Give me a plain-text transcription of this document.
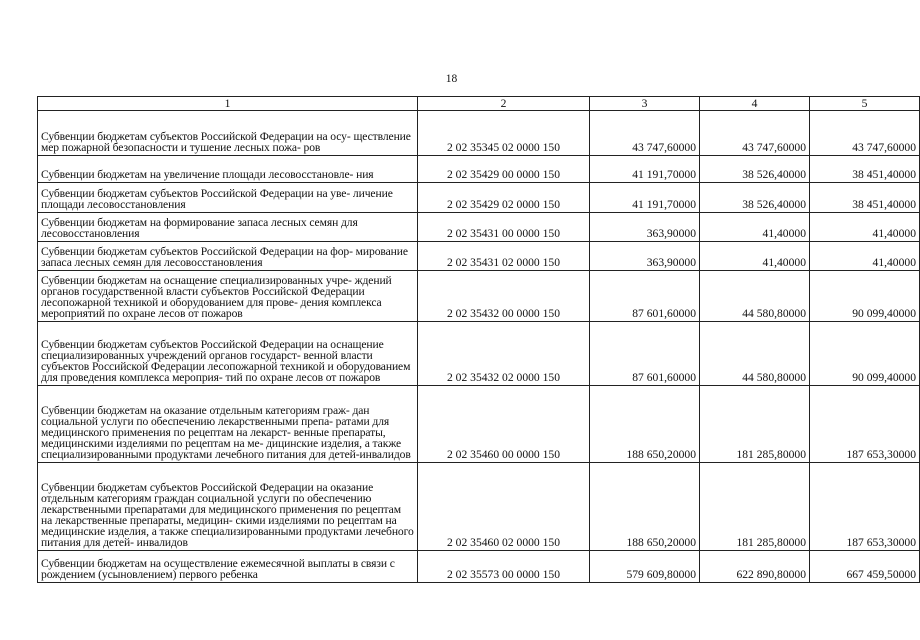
18
1	2	3	4	5
Субвенции бюджетам субъектов Российской Федерации на осу- ществление мер пожарной безопасности и тушение лесных пожа- ров	2 02 35345 02 0000 150	43 747,60000	43 747,60000	43 747,60000
Субвенции бюджетам на увеличение площади лесовосстановле- ния	2 02 35429 00 0000 150	41 191,70000	38 526,40000	38 451,40000
Субвенции бюджетам субъектов Российской Федерации на уве- личение площади лесовосстановления	2 02 35429 02 0000 150	41 191,70000	38 526,40000	38 451,40000
Субвенции бюджетам на формирование запаса лесных семян для лесовосстановления	2 02 35431 00 0000 150	363,90000	41,40000	41,40000
Субвенции бюджетам субъектов Российской Федерации на фор- мирование запаса лесных семян для лесовосстановления	2 02 35431 02 0000 150	363,90000	41,40000	41,40000
Субвенции бюджетам на оснащение специализированных учре- ждений органов государственной власти субъектов Российской Федерации лесопожарной техникой и оборудованием для прове- дения комплекса мероприятий по охране лесов от пожаров	2 02 35432 00 0000 150	87 601,60000	44 580,80000	90 099,40000
Субвенции бюджетам субъектов Российской Федерации на оснащение специализированных учреждений органов государст- венной власти субъектов Российской Федерации лесопожарной техникой и оборудованием для проведения комплекса мероприя- тий по охране лесов от пожаров	2 02 35432 02 0000 150	87 601,60000	44 580,80000	90 099,40000
Субвенции бюджетам на оказание отдельным категориям граж- дан социальной услуги по обеспечению лекарственными препа- ратами для медицинского применения по рецептам на лекарст- венные препараты, медицинскими изделиями по рецептам на ме- дицинские изделия, а также специализированными продуктами лечебного питания для детей-инвалидов	2 02 35460 00 0000 150	188 650,20000	181 285,80000	187 653,30000
Субвенции бюджетам субъектов Российской Федерации на оказание отдельным категориям граждан социальной услуги по обеспечению лекарственными препаратами для медицинского применения по рецептам на лекарственные препараты, медицин- скими изделиями по рецептам на медицинские изделия, а также специализированными продуктами лечебного питания для детей- инвалидов	2 02 35460 02 0000 150	188 650,20000	181 285,80000	187 653,30000
Субвенции бюджетам на осуществление ежемесячной выплаты в связи с рождением (усыновлением) первого ребенка	2 02 35573 00 0000 150	579 609,80000	622 890,80000	667 459,50000
